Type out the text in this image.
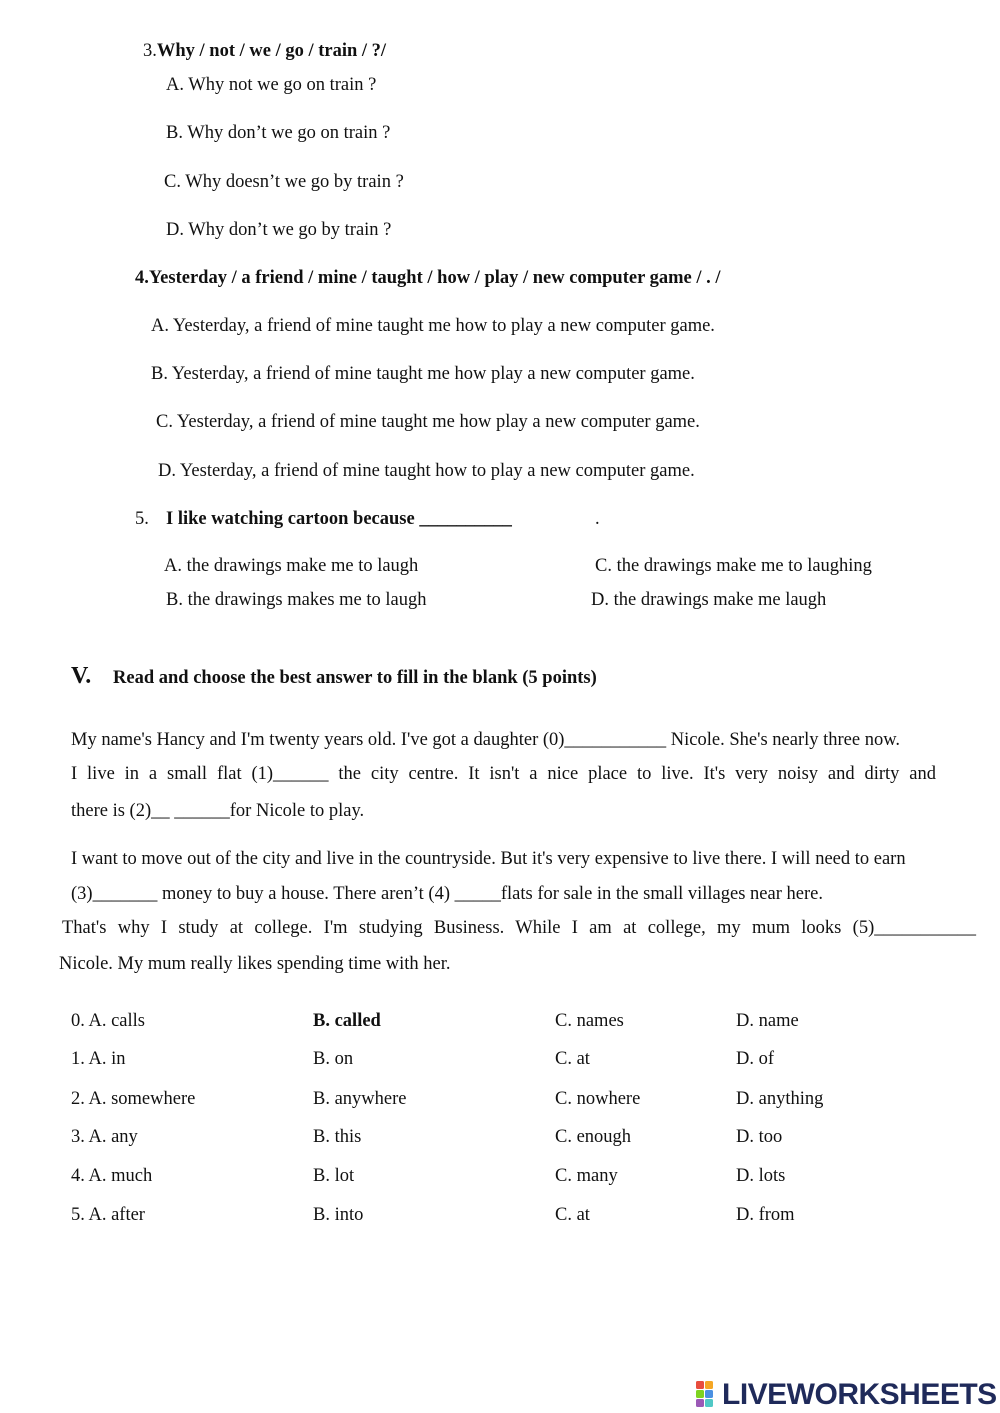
3.Why / not / we / go / train / ?/
A. Why not we go on train ?
B. Why don’t we go on train ?
C. Why doesn’t we go by train ?
D. Why don’t we go by train ?
4.Yesterday / a friend / mine / taught / how / play / new computer game / . /
A. Yesterday, a friend of mine taught me how to play a new computer game.
B. Yesterday, a friend of mine taught me how play a new computer game.
C. Yesterday, a friend of mine taught me how play a new computer game.
D. Yesterday, a friend of mine taught how to play a new computer game.
5. I like watching cartoon because __________	.
A. the drawings make me to laugh
B. the drawings makes me to laugh
C. the drawings make me to laughing
D. the drawings make me laugh
V. Read and choose the best answer to fill in the blank (5 points)
My name's Hancy and I'm twenty years old. I've got a daughter (0)___________ Nicole. She's nearly three now.
I live in a small flat (1)______ the city centre. It isn't a nice place to live. It's very noisy and dirty and
there is (2)__ ______for Nicole to play.
I want to move out of the city and live in the countryside. But it's very expensive to live there. I will need to earn
(3)_______ money to buy a house. There aren’t (4) _____flats for sale in the small villages near here.
That's why I study at college. I'm studying Business. While I am at college, my mum looks (5)___________
Nicole. My mum really likes spending time with her.
0. A. calls	B. called	C. names	D. name
1. A. in	B. on	C. at	D. of
2. A. somewhere	B. anywhere	C. nowhere	D. anything
3. A. any	B. this	C. enough	D. too
4. A. much	B. lot	C. many	D. lots
5. A. after	B. into	C. at	D. from
LIVEWORKSHEETS
